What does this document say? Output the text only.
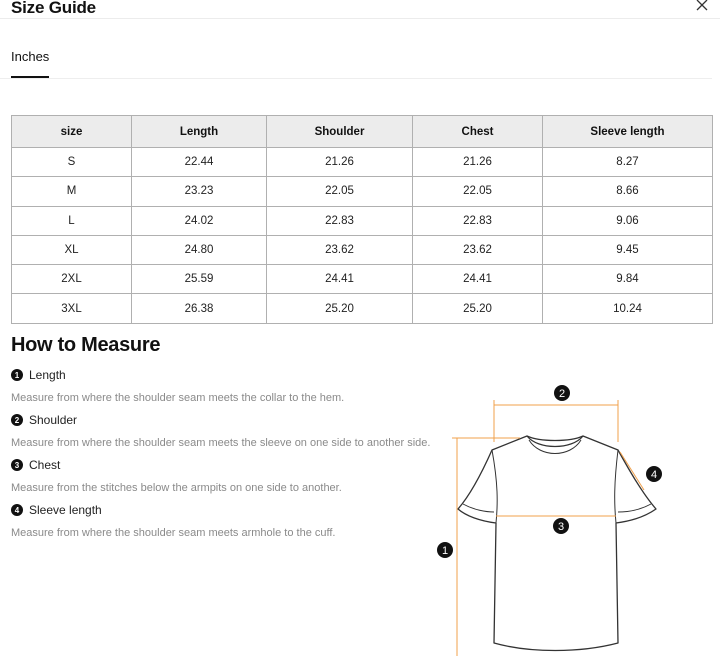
Size Guide
Inches
size	Length	Shoulder	Chest	Sleeve length
S	22.44	21.26	21.26	8.27
M	23.23	22.05	22.05	8.66
L	24.02	22.83	22.83	9.06
XL	24.80	23.62	23.62	9.45
2XL	25.59	24.41	24.41	9.84
3XL	26.38	25.20	25.20	10.24
How to Measure
1 Length
Measure from where the shoulder seam meets the collar to the hem.
2 Shoulder
Measure from where the shoulder seam meets the sleeve on one side to another side.
3 Chest
Measure from the stitches below the armpits on one side to another.
4 Sleeve length
Measure from where the shoulder seam meets armhole to the cuff.
2
3
4
1
